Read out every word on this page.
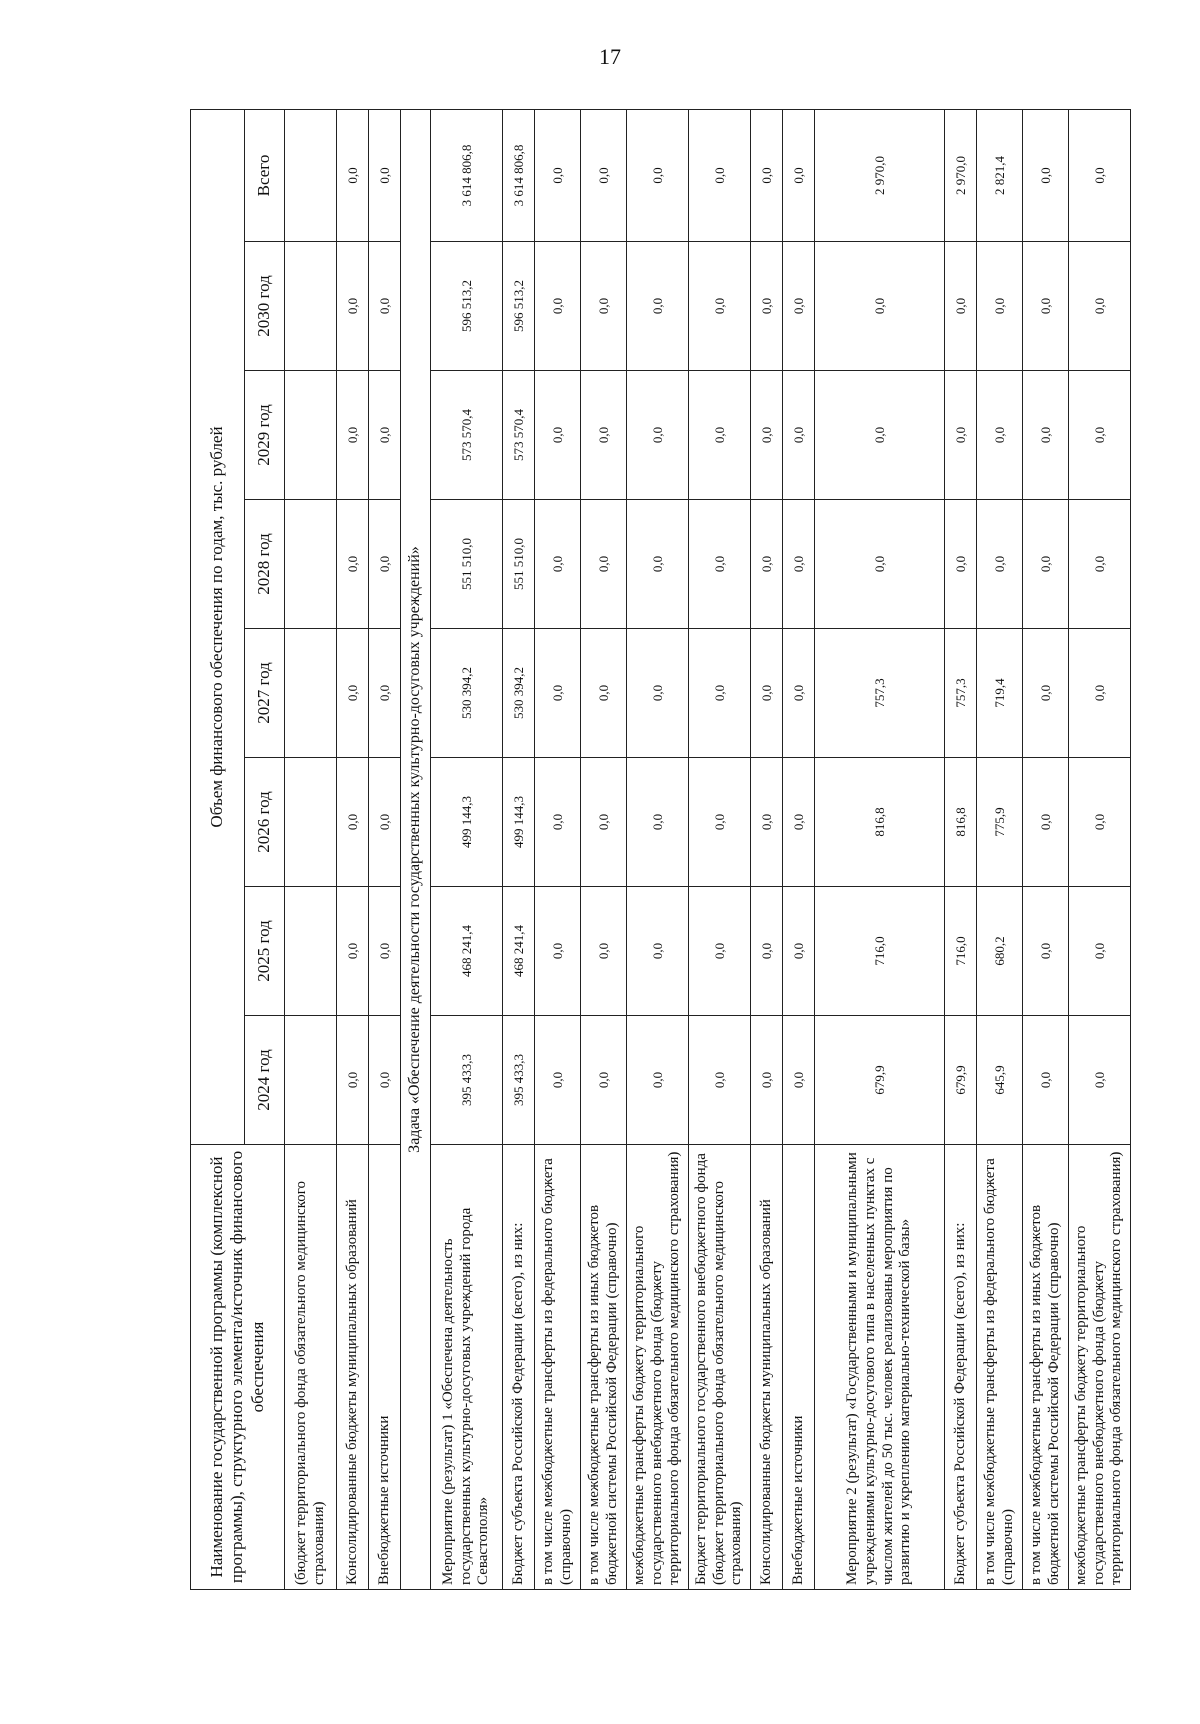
17
Наименование государственной программы (комплексной программы), структурного элемента/источник финансового обеспечения	Объем финансового обеспечения по годам, тыс. рублей							
	2024 год	2025 год	2026 год	2027 год	2028 год	2029 год	2030 год	Всего
(бюджет территориального фонда обязательного медицинского страхования)								
Консолидированные бюджеты муниципальных образований	0,0	0,0	0,0	0,0	0,0	0,0	0,0	0,0
Внебюджетные источники	0,0	0,0	0,0	0,0	0,0	0,0	0,0	0,0
Задача «Обеспечение деятельности государственных культурно-досуговых учреждений»								
Мероприятие (результат) 1 «Обеспечена деятельность государственных культурно-досуговых учреждений города Севастополя»	395 433,3	468 241,4	499 144,3	530 394,2	551 510,0	573 570,4	596 513,2	3 614 806,8
Бюджет субъекта Российской Федерации (всего), из них:	395 433,3	468 241,4	499 144,3	530 394,2	551 510,0	573 570,4	596 513,2	3 614 806,8
в том числе межбюджетные трансферты из федерального бюджета (справочно)	0,0	0,0	0,0	0,0	0,0	0,0	0,0	0,0
в том числе межбюджетные трансферты из иных бюджетов бюджетной системы Российской Федерации (справочно)	0,0	0,0	0,0	0,0	0,0	0,0	0,0	0,0
межбюджетные трансферты бюджету территориального государственного внебюджетного фонда (бюджету территориального фонда обязательного медицинского страхования)	0,0	0,0	0,0	0,0	0,0	0,0	0,0	0,0
Бюджет территориального государственного внебюджетного фонда (бюджет территориального фонда обязательного медицинского страхования)	0,0	0,0	0,0	0,0	0,0	0,0	0,0	0,0
Консолидированные бюджеты муниципальных образований	0,0	0,0	0,0	0,0	0,0	0,0	0,0	0,0
Внебюджетные источники	0,0	0,0	0,0	0,0	0,0	0,0	0,0	0,0
Мероприятие 2 (результат) «Государственными и муниципальными учреждениями культурно-досугового типа в населенных пунктах с числом жителей до 50 тыс. человек реализованы мероприятия по развитию и укреплению материально-технической базы»	679,9	716,0	816,8	757,3	0,0	0,0	0,0	2 970,0
Бюджет субъекта Российской Федерации (всего), из них:	679,9	716,0	816,8	757,3	0,0	0,0	0,0	2 970,0
в том числе межбюджетные трансферты из федерального бюджета (справочно)	645,9	680,2	775,9	719,4	0,0	0,0	0,0	2 821,4
в том числе межбюджетные трансферты из иных бюджетов бюджетной системы Российской Федерации (справочно)	0,0	0,0	0,0	0,0	0,0	0,0	0,0	0,0
межбюджетные трансферты бюджету территориального государственного внебюджетного фонда (бюджету территориального фонда обязательного медицинского страхования)	0,0	0,0	0,0	0,0	0,0	0,0	0,0	0,0
